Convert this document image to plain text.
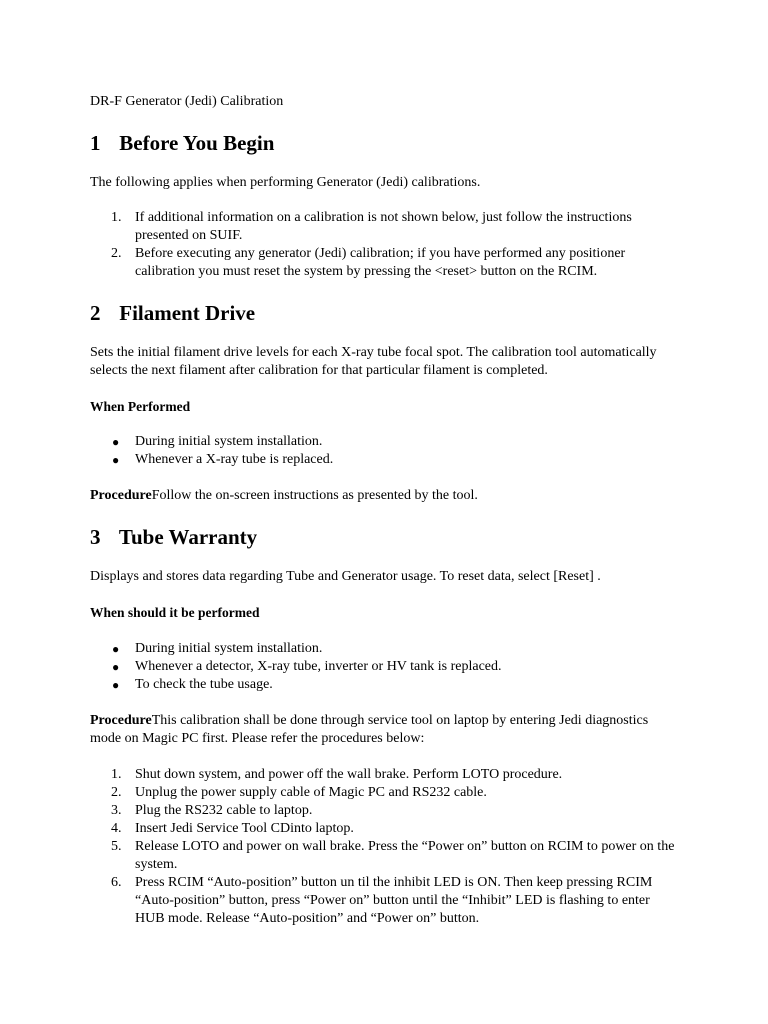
DR-F Generator (Jedi) Calibration
1 Before You Begin

The following applies when performing Generator (Jedi) calibrations.

1. If additional information on a calibration is not shown below, just follow the instructions presented on SUIF.
2. Before executing any generator (Jedi) calibration; if you have performed any positioner calibration you must reset the system by pressing the <reset> button on the RCIM.
2 Filament Drive

Sets the initial filament drive levels for each X-ray tube focal spot. The calibration tool automatically selects the next filament after calibration for that particular filament is completed.

When Performed

● During initial system installation.
● Whenever a X-ray tube is replaced.

ProcedureFollow the on-screen instructions as presented by the tool.

3 Tube Warranty

Displays and stores data regarding Tube and Generator usage. To reset data, select [Reset] .

When should it be performed

● During initial system installation.
● Whenever a detector, X-ray tube, inverter or HV tank is replaced.
● To check the tube usage.

ProcedureThis calibration shall be done through service tool on laptop by entering Jedi diagnostics mode on Magic PC first. Please refer the procedures below:

1. Shut down system, and power off the wall brake. Perform LOTO procedure.
2. Unplug the power supply cable of Magic PC and RS232 cable.
3. Plug the RS232 cable to laptop.
4. Insert Jedi Service Tool CDinto laptop.
5. Release LOTO and power on wall brake. Press the “Power on” button on RCIM to power on the system.
6. Press RCIM “Auto-position” button un til the inhibit LED is ON. Then keep pressing RCIM “Auto-position” button, press “Power on” button until the “Inhibit” LED is flashing to enter HUB mode. Release “Auto-position” and “Power on” button.
